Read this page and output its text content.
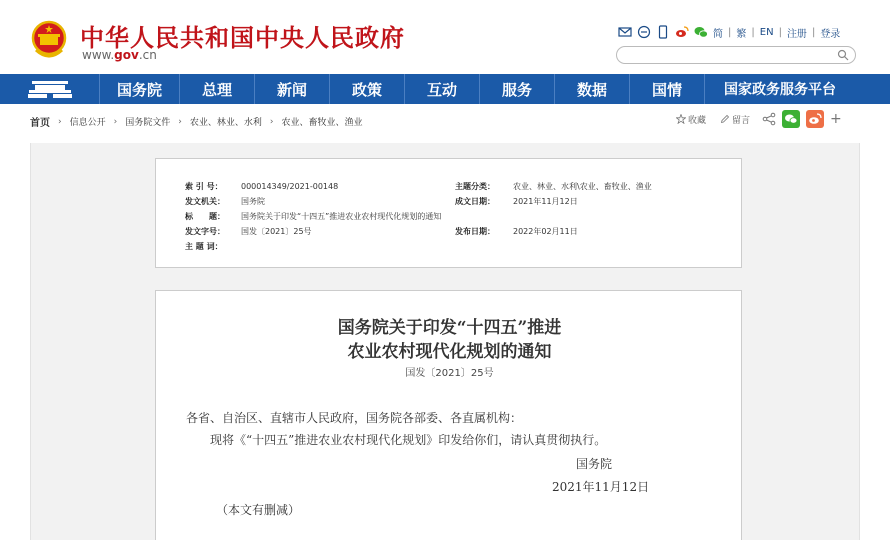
中华人民共和国中央人民政府
www.gov.cn
简 | 繁 | EN | 注册 | 登录
国务院	总理	新闻	政策	互动	服务	数据	国情	国家政务服务平台
首页 › 信息公开 › 国务院文件 › 农业、林业、水利 › 农业、畜牧业、渔业	收藏	留言	+
索 引 号： 000014349/2021-00148	主题分类： 农业、林业、水利\农业、畜牧业、渔业
发文机关： 国务院	成文日期： 2021年11月12日
标　　题： 国务院关于印发“十四五”推进农业农村现代化规划的通知
发文字号： 国发〔2021〕25号	发布日期： 2022年02月11日
主 题 词：
国务院关于印发“十四五”推进
农业农村现代化规划的通知
国发〔2021〕25号
各省、自治区、直辖市人民政府，国务院各部委、各直属机构：
现将《“十四五”推进农业农村现代化规划》印发给你们，请认真贯彻执行。
国务院
2021年11月12日
（本文有删减）
